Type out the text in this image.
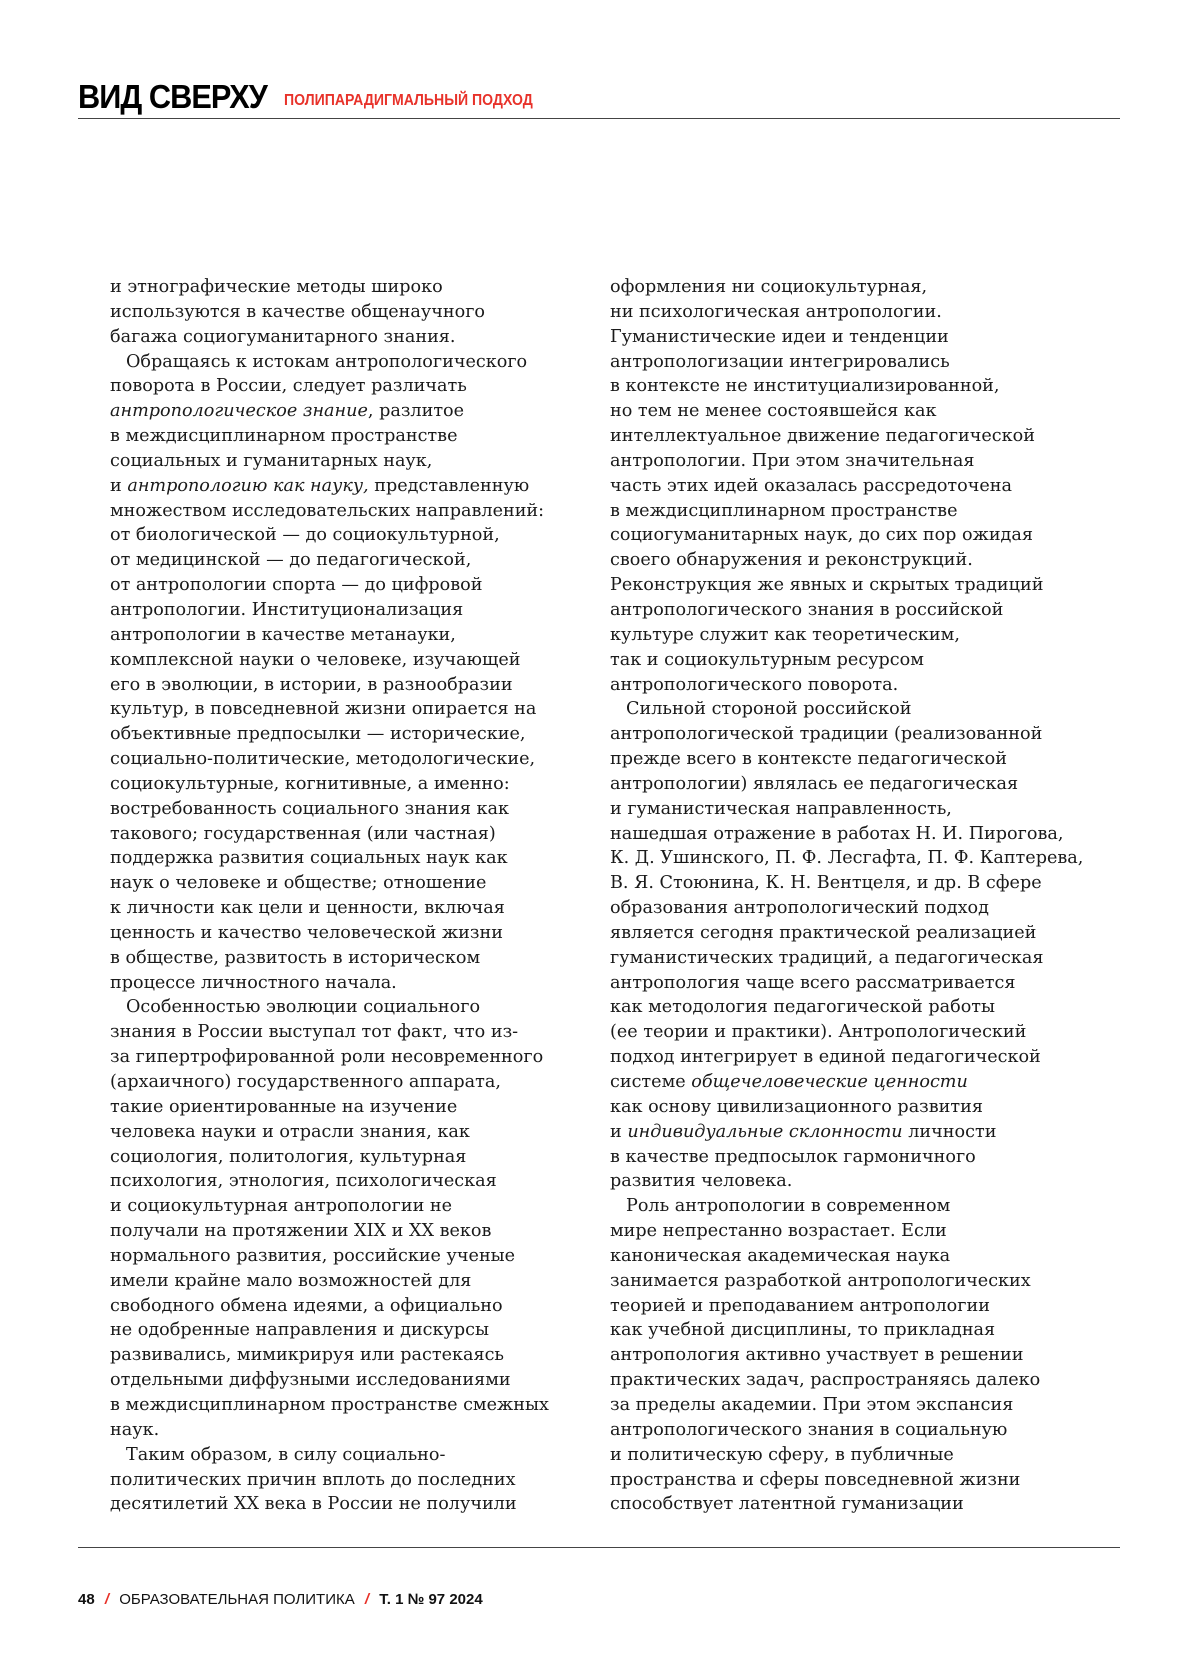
ВИД СВЕРХУ ПОЛИПАРАДИГМАЛЬНЫЙ ПОДХОД
и этнографические методы широко
используются в качестве общенаучного
багажа социогуманитарного знания.
Обращаясь к истокам антропологического
поворота в России, следует различать
антропологическое знание, разлитое
в междисциплинарном пространстве
социальных и гуманитарных наук,
и антропологию как науку, представленную
множеством исследовательских направлений:
от биологической — до социокультурной,
от медицинской — до педагогической,
от антропологии спорта — до цифровой
антропологии. Институционализация
антропологии в качестве метанауки,
комплексной науки о человеке, изучающей
его в эволюции, в истории, в разнообразии
культур, в повседневной жизни опирается на
объективные предпосылки — исторические,
социально-политические, методологические,
социокультурные, когнитивные, а именно:
востребованность социального знания как
такового; государственная (или частная)
поддержка развития социальных наук как
наук о человеке и обществе; отношение
к личности как цели и ценности, включая
ценность и качество человеческой жизни
в обществе, развитость в историческом
процессе личностного начала.
Особенностью эволюции социального
знания в России выступал тот факт, что из-
за гипертрофированной роли несовременного
(архаичного) государственного аппарата,
такие ориентированные на изучение
человека науки и отрасли знания, как
социология, политология, культурная
психология, этнология, психологическая
и социокультурная антропологии не
получали на протяжении XIX и XX веков
нормального развития, российские ученые
имели крайне мало возможностей для
свободного обмена идеями, а официально
не одобренные направления и дискурсы
развивались, мимикрируя или растекаясь
отдельными диффузными исследованиями
в междисциплинарном пространстве смежных
наук.
Таким образом, в силу социально-
политических причин вплоть до последних
десятилетий XX века в России не получили
оформления ни социокультурная,
ни психологическая антропологии.
Гуманистические идеи и тенденции
антропологизации интегрировались
в контексте не институциализированной,
но тем не менее состоявшейся как
интеллектуальное движение педагогической
антропологии. При этом значительная
часть этих идей оказалась рассредоточена
в междисциплинарном пространстве
социогуманитарных наук, до сих пор ожидая
своего обнаружения и реконструкций.
Реконструкция же явных и скрытых традиций
антропологического знания в российской
культуре служит как теоретическим,
так и социокультурным ресурсом
антропологического поворота.
Сильной стороной российской
антропологической традиции (реализованной
прежде всего в контексте педагогической
антропологии) являлась ее педагогическая
и гуманистическая направленность,
нашедшая отражение в работах Н. И. Пирогова,
К. Д. Ушинского, П. Ф. Лесгафта, П. Ф. Каптерева,
В. Я. Стоюнина, К. Н. Вентцеля, и др. В сфере
образования антропологический подход
является сегодня практической реализацией
гуманистических традиций, а педагогическая
антропология чаще всего рассматривается
как методология педагогической работы
(ее теории и практики). Антропологический
подход интегрирует в единой педагогической
системе общечеловеческие ценности
как основу цивилизационного развития
и индивидуальные склонности личности
в качестве предпосылок гармоничного
развития человека.
Роль антропологии в современном
мире непрестанно возрастает. Если
каноническая академическая наука
занимается разработкой антропологических
теорией и преподаванием антропологии
как учебной дисциплины, то прикладная
антропология активно участвует в решении
практических задач, распространяясь далеко
за пределы академии. При этом экспансия
антропологического знания в социальную
и политическую сферу, в публичные
пространства и сферы повседневной жизни
способствует латентной гуманизации
48 / ОБРАЗОВАТЕЛЬНАЯ ПОЛИТИКА / Т. 1 № 97 2024
